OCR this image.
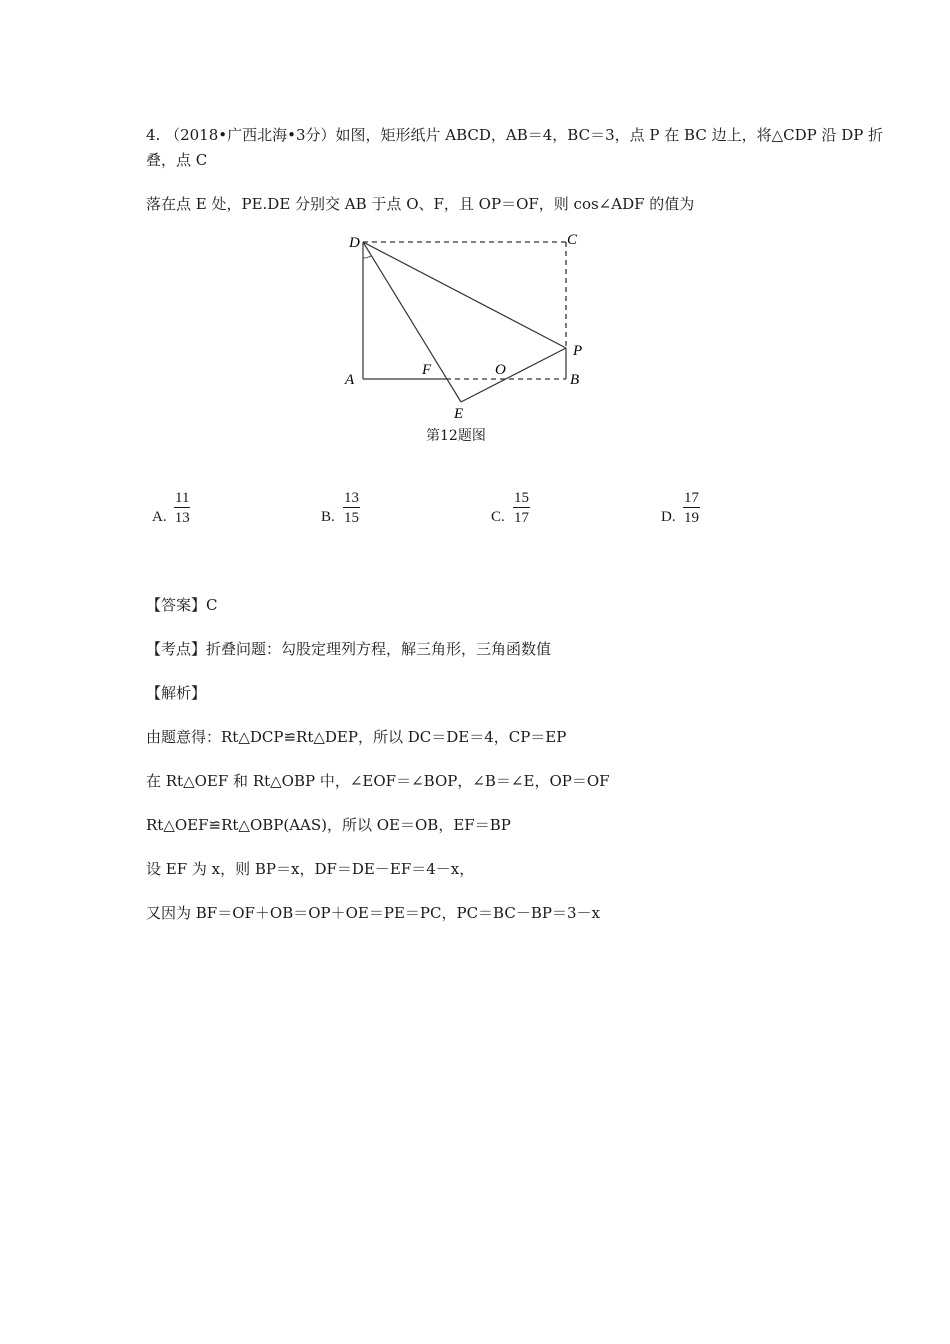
4. （2018•广西北海•3分）如图，矩形纸片 ABCD，AB＝4，BC＝3，点 P 在 BC 边上，将△CDP 沿 DP 折
叠，点 C
落在点 E 处，PE.DE 分别交 AB 于点 O、F，且 OP＝OF，则 cos∠ADF 的值为
D	C
P
A	B
F	O
E
第12题图
A. $\frac{11}{13}$	B. $\frac{13}{15}$	C. $\frac{15}{17}$	D. $\frac{17}{19}$
【答案】C
【考点】折叠问题：勾股定理列方程，解三角形，三角函数值
【解析】
由题意得：Rt△DCP≌Rt△DEP，所以 DC＝DE＝4，CP＝EP
在 Rt△OEF 和 Rt△OBP 中，∠EOF＝∠BOP，∠B＝∠E，OP＝OF
Rt△OEF≌Rt△OBP(AAS)，所以 OE＝OB，EF＝BP
设 EF 为 x，则 BP＝x，DF＝DE－EF＝4－x，
又因为 BF＝OF＋OB＝OP＋OE＝PE＝PC，PC＝BC－BP＝3－x
